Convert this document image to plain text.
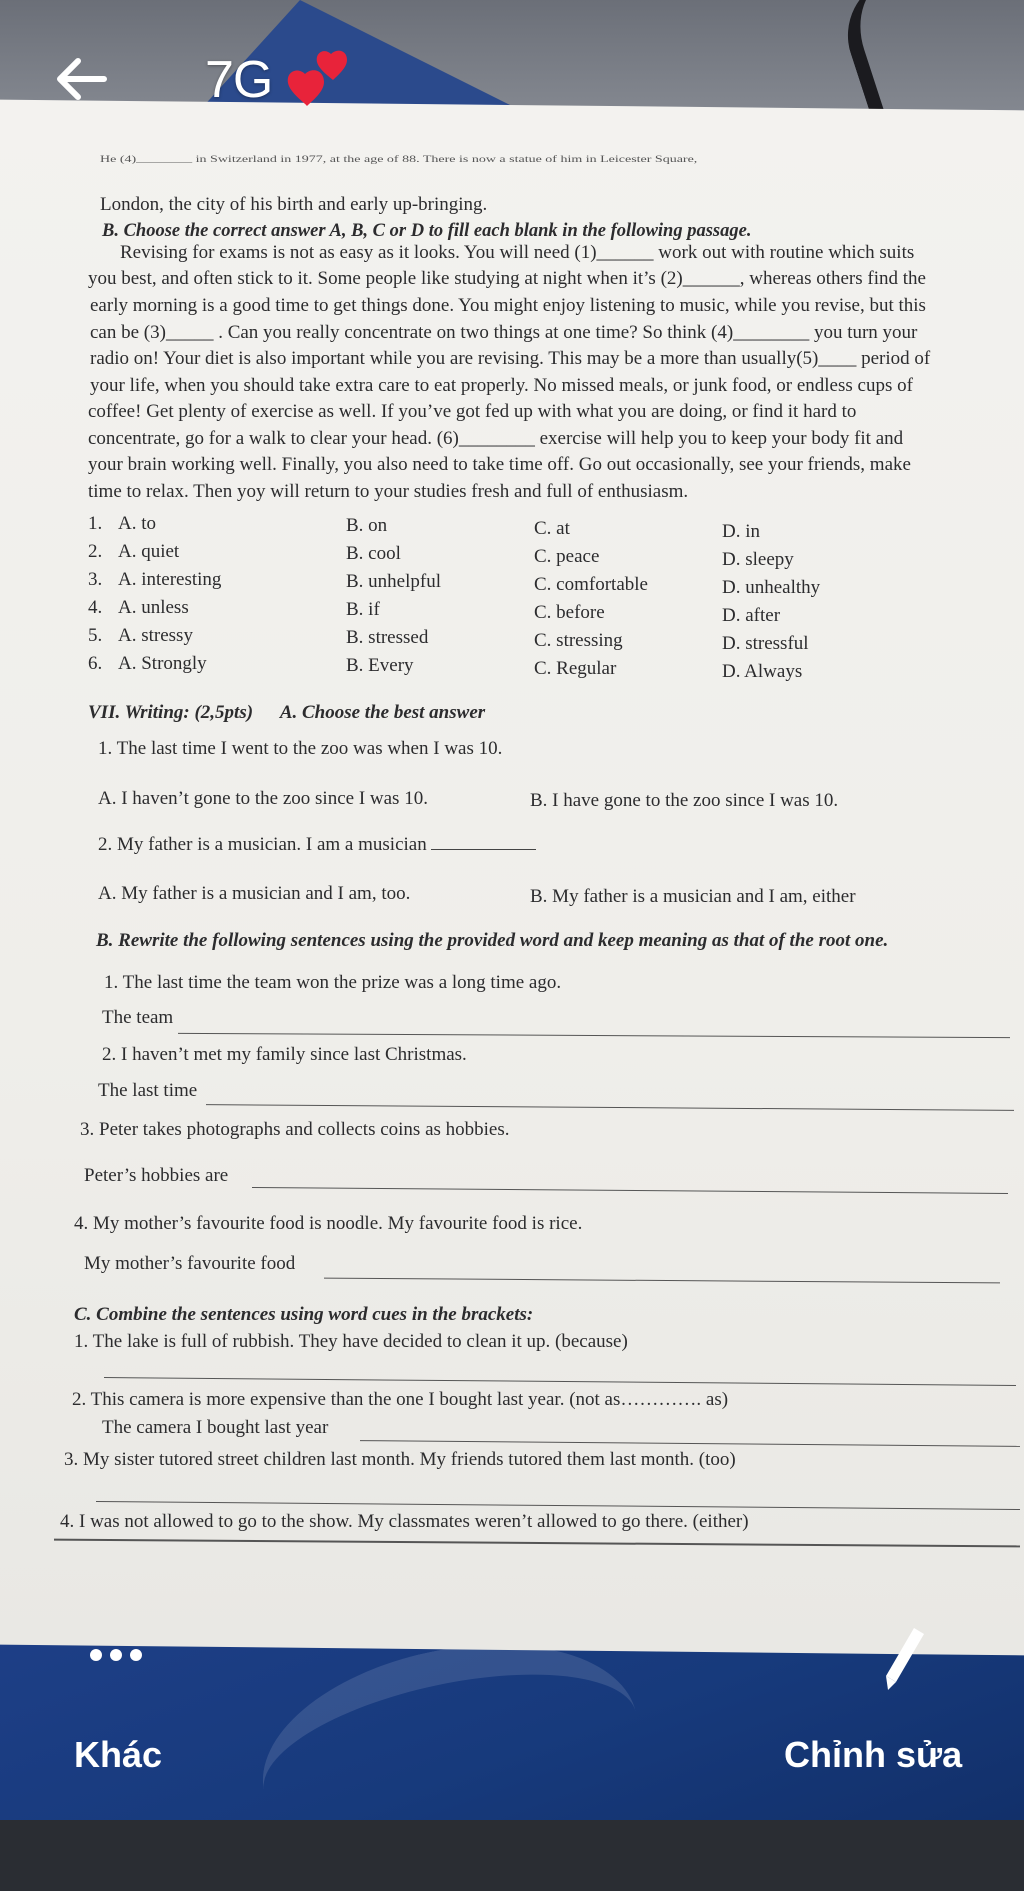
He (4)________ in Switzerland in 1977, at the age of 88. There is now a statue of him in Leicester Square,
London, the city of his birth and early up-bringing.
B. Choose the correct answer A, B, C or D to fill each blank in the following passage.
Revising for exams is not as easy as it looks. You will need (1)______ work out with routine which suits
you best, and often stick to it. Some people like studying at night when it’s (2)______, whereas others find the
early morning is a good time to get things done. You might enjoy listening to music, while you revise, but this
can be (3)_____ . Can you really concentrate on two things at one time? So think (4)________ you turn your
radio on! Your diet is also important while you are revising. This may be a more than usually(5)____ period of
your life, when you should take extra care to eat properly. No missed meals, or junk food, or endless cups of
coffee! Get plenty of exercise as well. If you’ve got fed up with what you are doing, or find it hard to
concentrate, go for a walk to clear your head. (6)________ exercise will help you to keep your body fit and
your brain working well. Finally, you also need to take time off. Go out occasionally, see your friends, make
time to relax. Then yoy will return to your studies fresh and full of enthusiasm.
1. A. to	B. on	C. at	D. in
2. A. quiet	B. cool	C. peace	D. sleepy
3. A. interesting	B. unhelpful	C. comfortable	D. unhealthy
4. A. unless	B. if	C. before	D. after
5. A. stressy	B. stressed	C. stressing	D. stressful
6. A. Strongly	B. Every	C. Regular	D. Always
VII. Writing: (2,5pts) A. Choose the best answer
1. The last time I went to the zoo was when I was 10.
A. I haven’t gone to the zoo since I was 10.	B. I have gone to the zoo since I was 10.
2. My father is a musician. I am a musician
A. My father is a musician and I am, too.	B. My father is a musician and I am, either
B. Rewrite the following sentences using the provided word and keep meaning as that of the root one.
1. The last time the team won the prize was a long time ago.
The team
2. I haven’t met my family since last Christmas.
The last time
3. Peter takes photographs and collects coins as hobbies.
Peter’s hobbies are
4. My mother’s favourite food is noodle. My favourite food is rice.
My mother’s favourite food
C. Combine the sentences using word cues in the brackets:
1. The lake is full of rubbish. They have decided to clean it up. (because)
2. This camera is more expensive than the one I bought last year. (not as…………. as)
The camera I bought last year
3. My sister tutored street children last month. My friends tutored them last month. (too)
4. I was not allowed to go to the show. My classmates weren’t allowed to go there. (either)
7G
Khác	Chỉnh sửa
